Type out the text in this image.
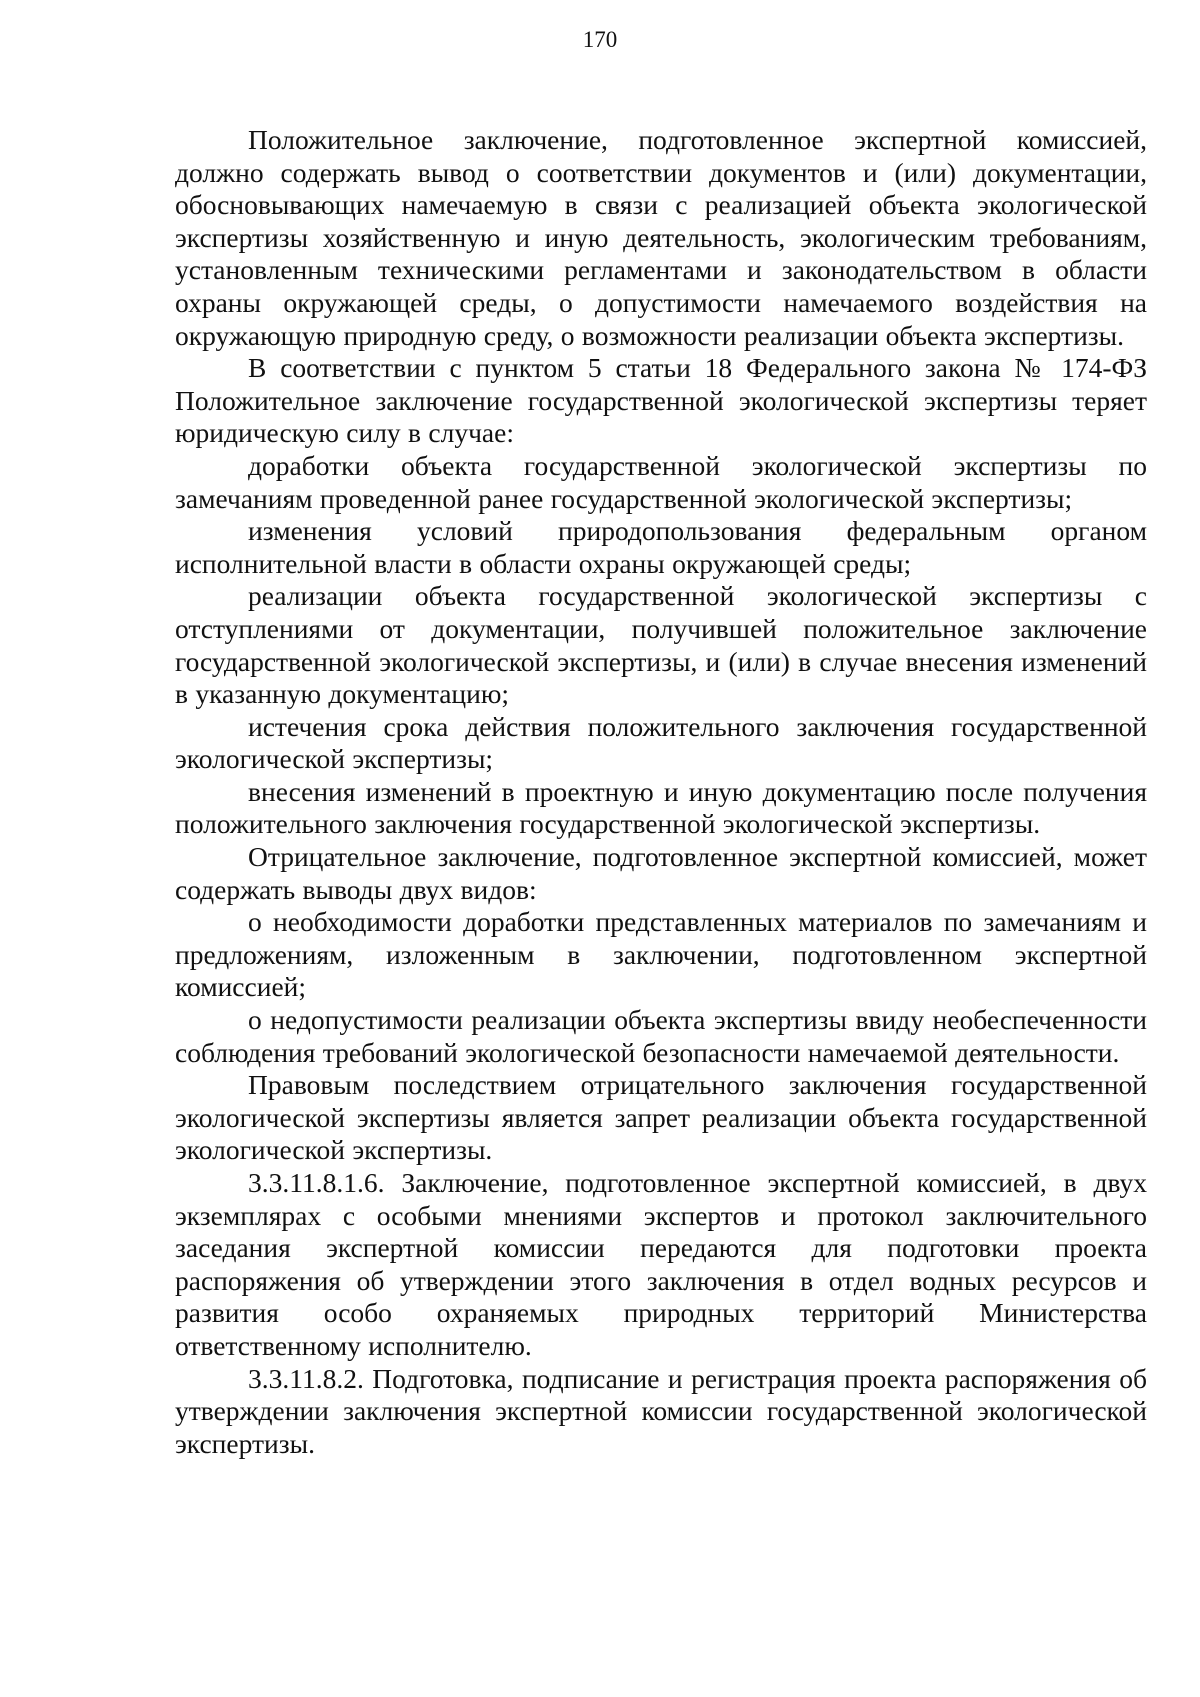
170

Положительное заключение, подготовленное экспертной комиссией, должно содержать вывод о соответствии документов и (или) документации, обосновывающих намечаемую в связи с реализацией объекта экологической экспертизы хозяйственную и иную деятельность, экологическим требованиям, установленным техническими регламентами и законодательством в области охраны окружающей среды, о допустимости намечаемого воздействия на окружающую природную среду, о возможности реализации объекта экспертизы.

В соответствии с пунктом 5 статьи 18 Федерального закона № 174-ФЗ Положительное заключение государственной экологической экспертизы теряет юридическую силу в случае:

доработки объекта государственной экологической экспертизы по замечаниям проведенной ранее государственной экологической экспертизы;

изменения условий природопользования федеральным органом исполнительной власти в области охраны окружающей среды;

реализации объекта государственной экологической экспертизы с отступлениями от документации, получившей положительное заключение государственной экологической экспертизы, и (или) в случае внесения изменений в указанную документацию;

истечения срока действия положительного заключения государственной экологической экспертизы;

внесения изменений в проектную и иную документацию после получения положительного заключения государственной экологической экспертизы.

Отрицательное заключение, подготовленное экспертной комиссией, может содержать выводы двух видов:

о необходимости доработки представленных материалов по замечаниям и предложениям, изложенным в заключении, подготовленном экспертной комиссией;

о недопустимости реализации объекта экспертизы ввиду необеспеченности соблюдения требований экологической безопасности намечаемой деятельности.

Правовым последствием отрицательного заключения государственной экологической экспертизы является запрет реализации объекта государственной экологической экспертизы.

3.3.11.8.1.6. Заключение, подготовленное экспертной комиссией, в двух экземплярах с особыми мнениями экспертов и протокол заключительного заседания экспертной комиссии передаются для подготовки проекта распоряжения об утверждении этого заключения в отдел водных ресурсов и развития особо охраняемых природных территорий Министерства ответственному исполнителю.

3.3.11.8.2. Подготовка, подписание и регистрация проекта распоряжения об утверждении заключения экспертной комиссии государственной экологической экспертизы.
